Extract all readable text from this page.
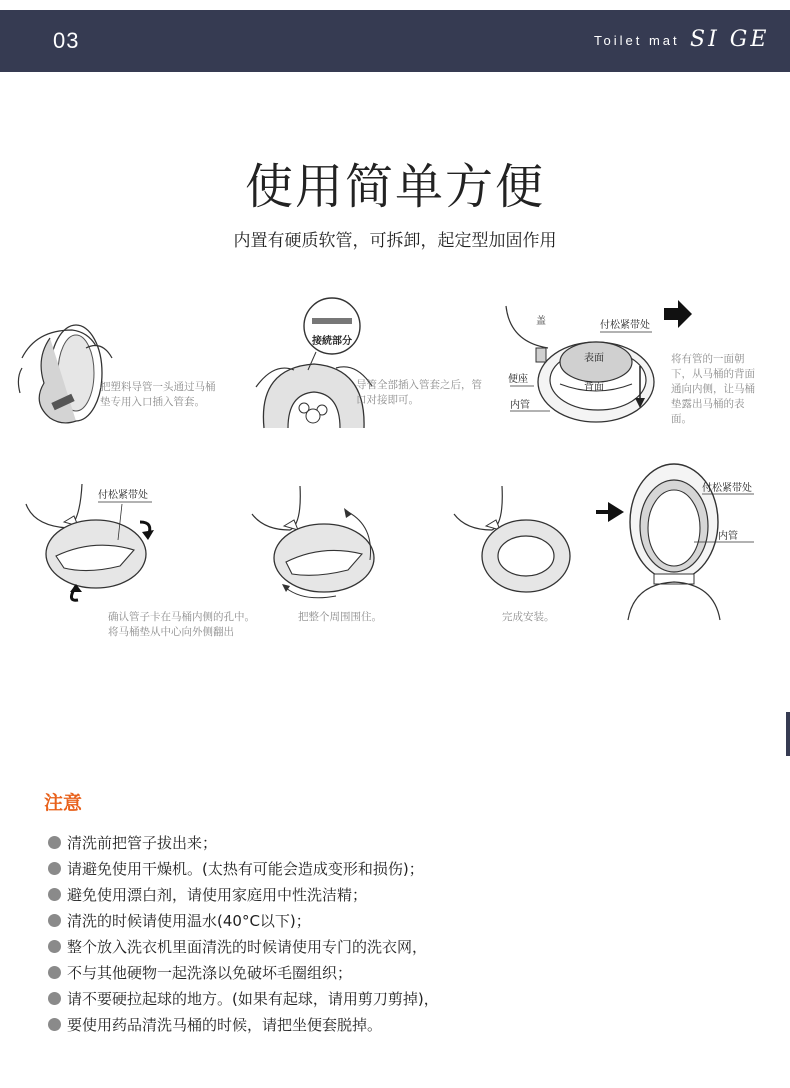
03	Toilet mat SI GE
使用简单方便
内置有硬质软管，可拆卸，起定型加固作用
把塑料导管一头通过马桶
垫专用入口插入管套。
接続部分
导管全部插入管套之后，管
口对接即可。
盖	付松紧带处
表面
背面
便座
内管
将有管的一面朝
下，从马桶的背面
通向内侧，让马桶
垫露出马桶的表
面。
付松紧带处
确认管子卡在马桶内侧的孔中。
将马桶垫从中心向外侧翻出
把整个周围围住。	完成安装。
付松紧带处
内管
注意
清洗前把管子拔出来；
请避免使用干燥机。(太热有可能会造成变形和损伤)；
避免使用漂白剂，请使用家庭用中性洗洁精；
清洗的时候请使用温水(40°C以下)；
整个放入洗衣机里面清洗的时候请使用专门的洗衣网，
不与其他硬物一起洗涤以免破坏毛圈组织；
请不要硬拉起球的地方。(如果有起球，请用剪刀剪掉)，
要使用药品清洗马桶的时候，请把坐便套脱掉。
